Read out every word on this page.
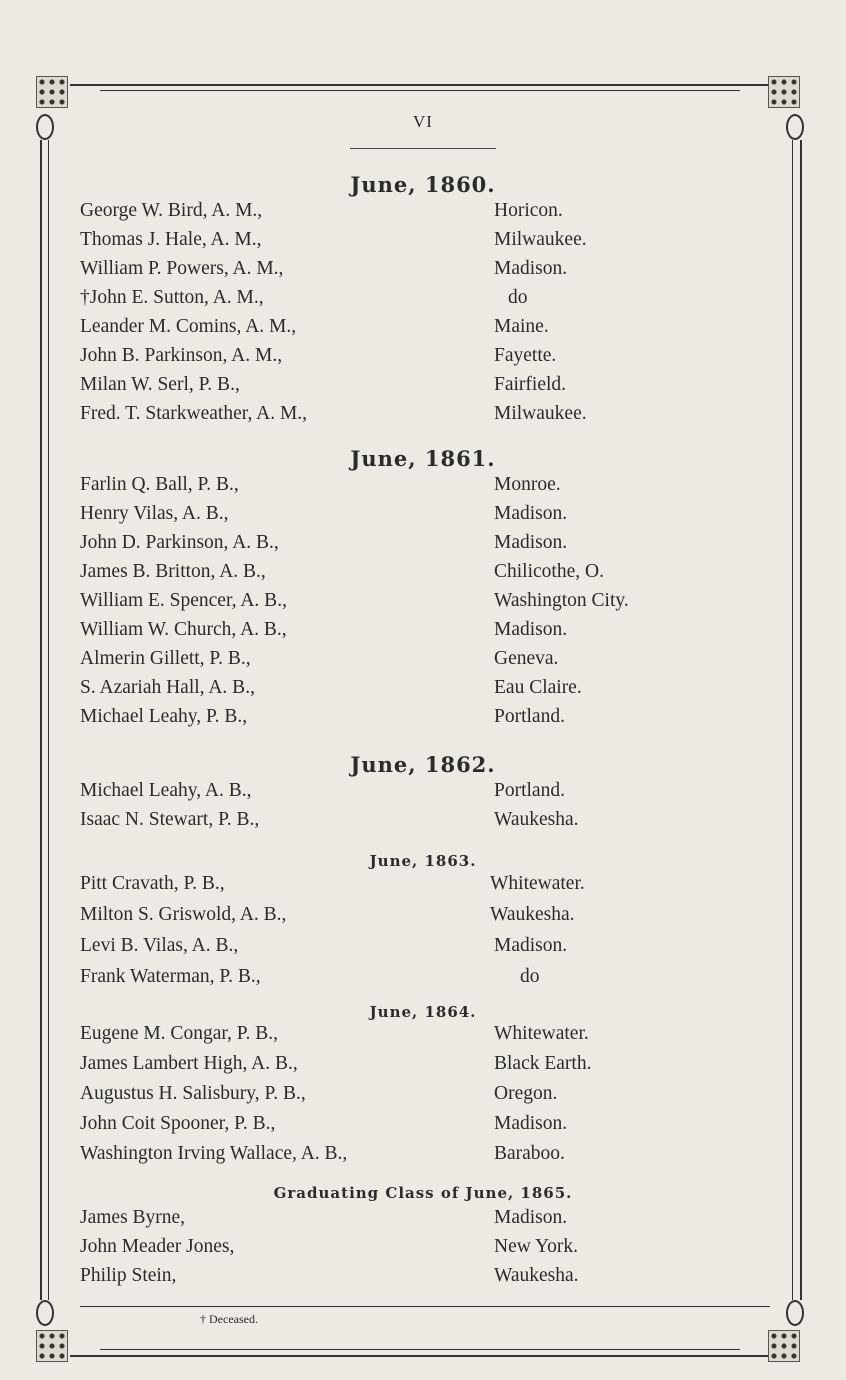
VI
June, 1860.
George W. Bird, A. M.,	Horicon.
Thomas J. Hale, A. M.,	Milwaukee.
William P. Powers, A. M.,	Madison.
†John E. Sutton, A. M.,	do
Leander M. Comins, A. M.,	Maine.
John B. Parkinson, A. M.,	Fayette.
Milan W. Serl, P. B.,	Fairfield.
Fred. T. Starkweather, A. M.,	Milwaukee.
June, 1861.
Farlin Q. Ball, P. B.,	Monroe.
Henry Vilas, A. B.,	Madison.
John D. Parkinson, A. B.,	Madison.
James B. Britton, A. B.,	Chilicothe, O.
William E. Spencer, A. B.,	Washington City.
William W. Church, A. B.,	Madison.
Almerin Gillett, P. B.,	Geneva.
S. Azariah Hall, A. B.,	Eau Claire.
Michael Leahy, P. B.,	Portland.
June, 1862.
Michael Leahy, A. B.,	Portland.
Isaac N. Stewart, P. B.,	Waukesha.
June, 1863.
Pitt Cravath, P. B.,	Whitewater.
Milton S. Griswold, A. B.,	Waukesha.
Levi B. Vilas, A. B.,	Madison.
Frank Waterman, P. B.,	do
June, 1864.
Eugene M. Congar, P. B.,	Whitewater.
James Lambert High, A. B.,	Black Earth.
Augustus H. Salisbury, P. B.,	Oregon.
John Coit Spooner, P. B.,	Madison.
Washington Irving Wallace, A. B.,	Baraboo.
Graduating Class of June, 1865.
James Byrne,	Madison.
John Meader Jones,	New York.
Philip Stein,	Waukesha.
† Deceased.
